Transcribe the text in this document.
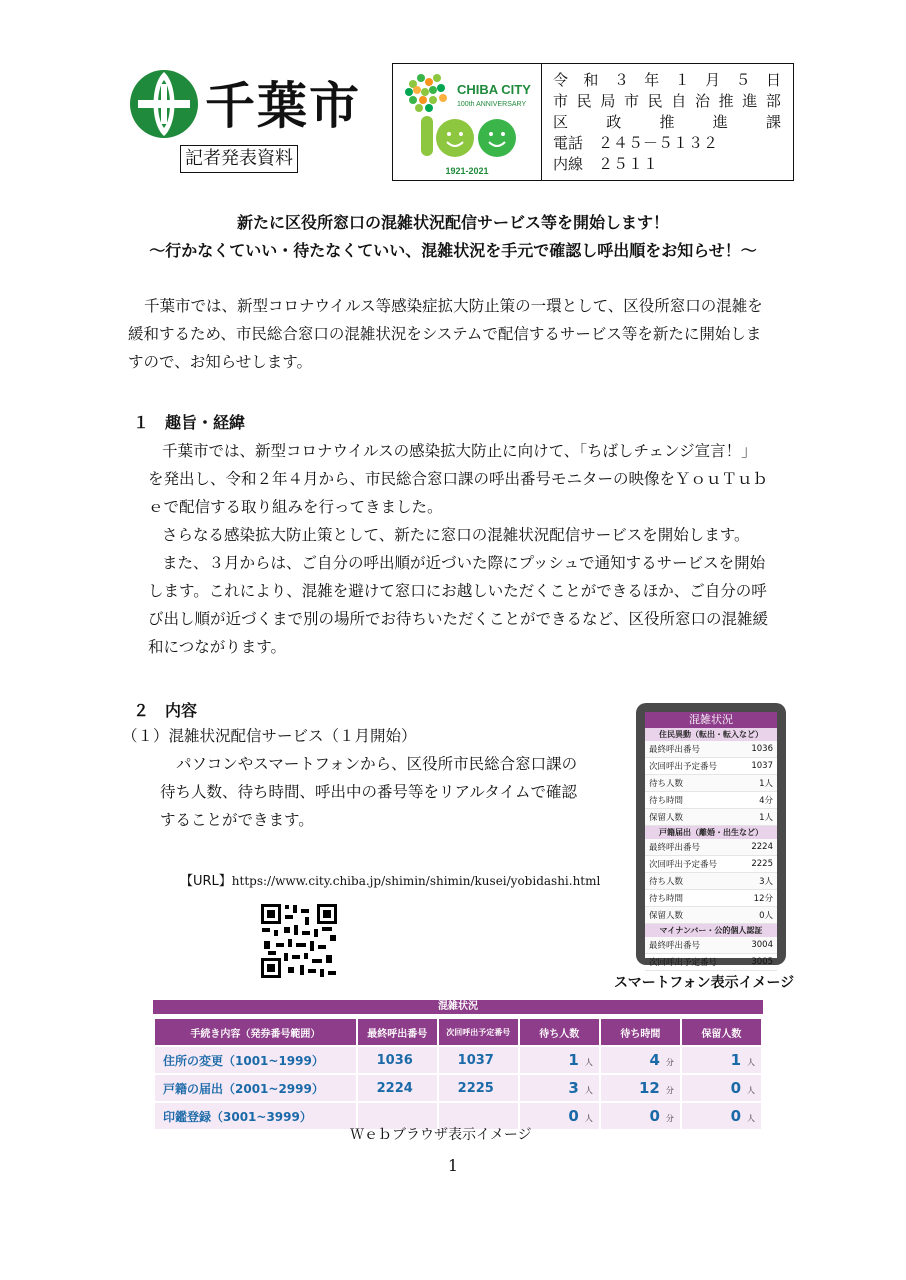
千葉市
記者発表資料
CHIBA CITY
100th ANNIVERSARY
1921-2021
令 和 ３ 年 １ 月 ５ 日
市 民 局 市 民 自 治 推 進 部
区	政	推	進	課
電話　２４５－５１３２
内線　２５１１
新たに区役所窓口の混雑状況配信サービス等を開始します！
～行かなくていい・待たなくていい、混雑状況を手元で確認し呼出順をお知らせ！～
千葉市では、新型コロナウイルス等感染症拡大防止策の一環として、区役所窓口の混雑を
緩和するため、市民総合窓口の混雑状況をシステムで配信するサービス等を新たに開始しま
すので、お知らせします。
１　趣旨・経緯
千葉市では、新型コロナウイルスの感染拡大防止に向けて、「ちばしチェンジ宣言！」
を発出し、令和２年４月から、市民総合窓口課の呼出番号モニターの映像をＹｏｕＴｕｂ
ｅで配信する取り組みを行ってきました。
さらなる感染拡大防止策として、新たに窓口の混雑状況配信サービスを開始します。
また、３月からは、ご自分の呼出順が近づいた際にプッシュで通知するサービスを開始
します。これにより、混雑を避けて窓口にお越しいただくことができるほか、ご自分の呼
び出し順が近づくまで別の場所でお待ちいただくことができるなど、区役所窓口の混雑緩
和につながります。
２　内容
（１）混雑状況配信サービス（１月開始）
パソコンやスマートフォンから、区役所市民総合窓口課の
待ち人数、待ち時間、呼出中の番号等をリアルタイムで確認
することができます。
【URL】https://www.city.chiba.jp/shimin/shimin/kusei/yobidashi.html
混雑状況
住民異動（転出・転入など）
最終呼出番号	1036
次回呼出予定番号	1037
待ち人数	1人
待ち時間	4分
保留人数	1人
戸籍届出（離婚・出生など）
最終呼出番号	2224
次回呼出予定番号	2225
待ち人数	3人
待ち時間	12分
保留人数	0人
マイナンバー・公的個人認証
最終呼出番号	3004
次回呼出予定番号	3005
スマートフォン表示イメージ
混雑状況
手続き内容（発券番号範囲）	最終呼出番号	次回呼出予定番号	待ち人数	待ち時間	保留人数
住所の変更（1001~1999）	1036	1037	1 人	4 分	1 人
戸籍の届出（2001~2999）	2224	2225	3 人	12 分	0 人
印鑑登録（3001~3999）			0 人	0 分	0 人
Ｗｅｂブラウザ表示イメージ
1
